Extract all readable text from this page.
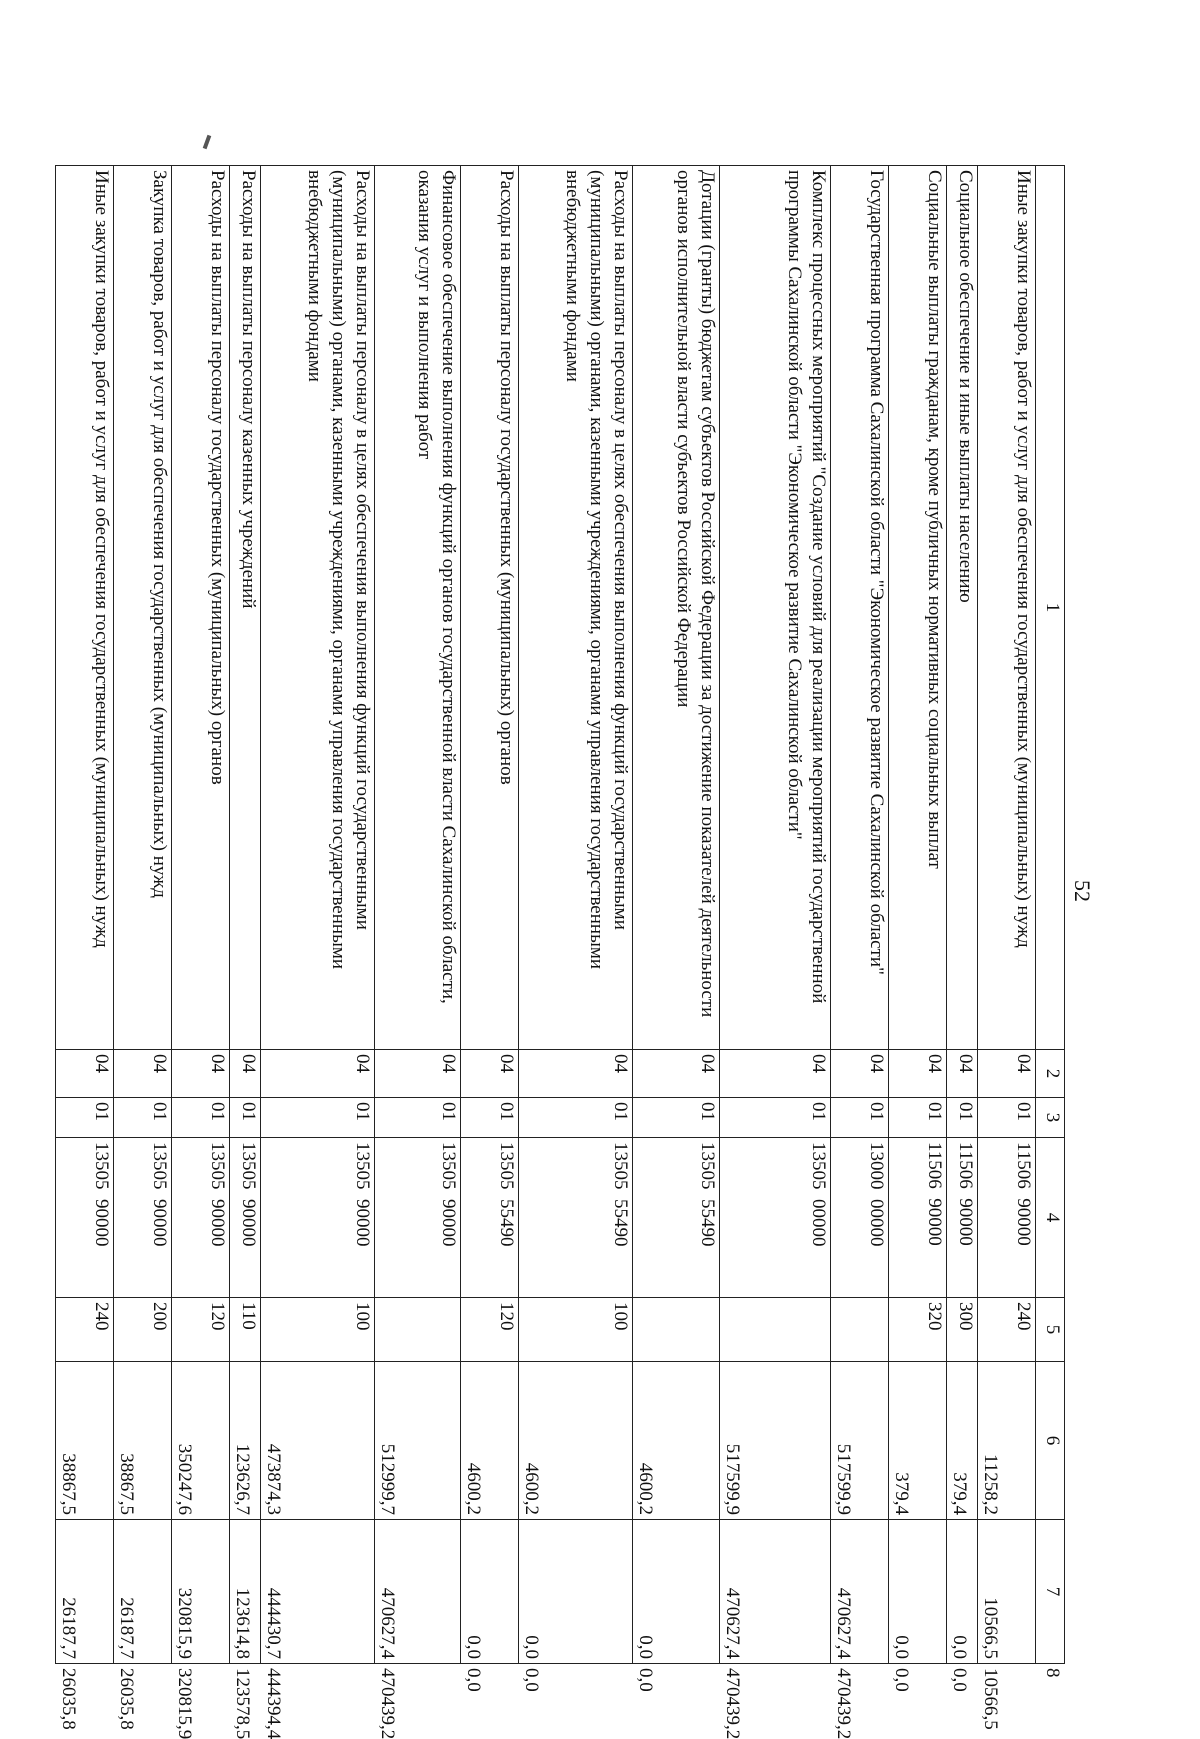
52
1	2	3	4	5	6	7	8
Иные закупки товаров, работ и услуг для обеспечения государственных (муниципальных) нужд	04	01	11506  90000	240	11258,2	10566,5	10566,5
Социальное обеспечение и иные выплаты населению	04	01	11506  90000	300	379,4	0,0	0,0
Социальные выплаты гражданам, кроме публичных нормативных социальных выплат	04	01	11506  90000	320	379,4	0,0	0,0
Государственная программа Сахалинской области "Экономическое развитие Сахалинской области"	04	01	13000  00000		517599,9	470627,4	470439,2
Комплекс процессных мероприятий "Создание условий для реализации мероприятий государственной программы Сахалинской области "Экономическое развитие Сахалинской области"	04	01	13505  00000		517599,9	470627,4	470439,2
Дотации (гранты) бюджетам субъектов Российской Федерации за достижение показателей деятельности органов исполнительной власти субъектов Российской Федерации	04	01	13505  55490		4600,2	0,0	0,0
Расходы на выплаты персоналу в целях обеспечения выполнения функций государственными (муниципальными) органами, казенными учреждениями, органами управления государственными внебюджетными фондами	04	01	13505  55490	100	4600,2	0,0	0,0
Расходы на выплаты персоналу государственных (муниципальных) органов	04	01	13505  55490	120	4600,2	0,0	0,0
Финансовое обеспечение выполнения функций органов государственной власти Сахалинской области, оказания услуг и выполнения работ	04	01	13505  90000		512999,7	470627,4	470439,2
Расходы на выплаты персоналу в целях обеспечения выполнения функций государственными (муниципальными) органами, казенными учреждениями, органами управления государственными внебюджетными фондами	04	01	13505  90000	100	473874,3	444430,7	444394,4
Расходы на выплаты персоналу казенных учреждений	04	01	13505  90000	110	123626,7	123614,8	123578,5
Расходы на выплаты персоналу государственных (муниципальных) органов	04	01	13505  90000	120	350247,6	320815,9	320815,9
Закупка товаров, работ и услуг для обеспечения государственных (муниципальных) нужд	04	01	13505  90000	200	38867,5	26187,7	26035,8
Иные закупки товаров, работ и услуг для обеспечения государственных (муниципальных) нужд	04	01	13505  90000	240	38867,5	26187,7	26035,8
